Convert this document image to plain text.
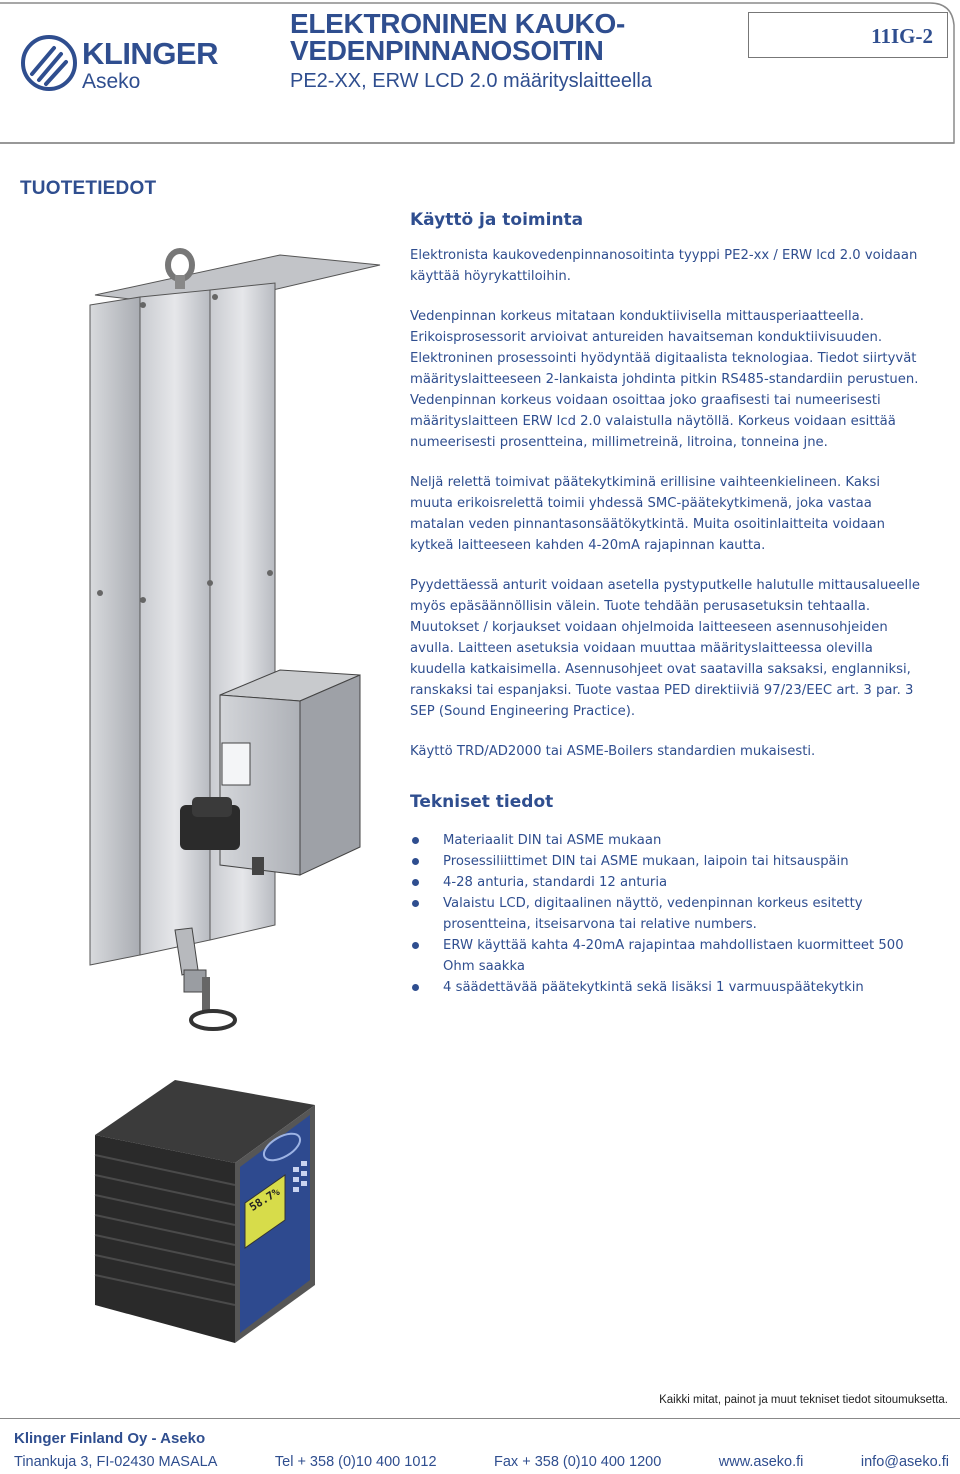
KLINGER
Aseko
ELEKTRONINEN KAUKO-
VEDENPINNANOSOITIN
PE2-XX, ERW LCD 2.0 määrityslaitteella
11IG-2
TUOTETIEDOT
58.7%
Käyttö ja toiminta

Elektronista kaukovedenpinnanosoitinta tyyppi PE2-xx / ERW lcd 2.0 voidaan käyttää höyrykattiloihin.

Vedenpinnan korkeus mitataan konduktiivisella mittausperiaatteella. Erikoisprosessorit arvioivat antureiden havaitseman konduktiivisuuden. Elektroninen prosessointi hyödyntää digitaalista teknologiaa. Tiedot siirtyvät määrityslaitteeseen 2-lankaista johdinta pitkin RS485-standardiin perustuen. Vedenpinnan korkeus voidaan osoittaa joko graafisesti tai numeerisesti määrityslaitteen ERW lcd 2.0 valaistulla näytöllä. Korkeus voidaan esittää numeerisesti prosentteina, millimetreinä, litroina, tonneina jne.

Neljä relettä toimivat päätekytkiminä erillisine vaihteenkielineen. Kaksi muuta erikoisrelettä toimii yhdessä SMC-päätekytkimenä, joka vastaa matalan veden pinnantasonsäätökytkintä. Muita osoitinlaitteita voidaan kytkeä laitteeseen kahden 4-20mA rajapinnan kautta.

Pyydettäessä anturit voidaan asetella pystyputkelle halutulle mittausalueelle myös epäsäännöllisin välein. Tuote tehdään perusasetuksin tehtaalla. Muutokset / korjaukset voidaan ohjelmoida laitteeseen asennusohjeiden avulla. Laitteen asetuksia voidaan muuttaa määrityslaitteessa olevilla kuudella katkaisimella. Asennusohjeet ovat saatavilla saksaksi, englanniksi, ranskaksi tai espanjaksi. Tuote vastaa PED direktiiviä 97/23/EEC art. 3 par. 3 SEP (Sound Engineering Practice).

Käyttö TRD/AD2000 tai ASME-Boilers standardien mukaisesti.

Tekniset tiedot
Materiaalit DIN tai ASME mukaan
Prosessiliittimet DIN tai ASME mukaan, laipoin tai hitsauspäin
4-28 anturia, standardi 12 anturia
Valaistu LCD, digitaalinen näyttö, vedenpinnan korkeus esitetty prosentteina, itseisarvona tai relative numbers.
ERW käyttää kahta 4-20mA rajapintaa mahdollistaen kuormitteet 500 Ohm saakka
4 säädettävää päätekytkintä sekä lisäksi 1 varmuuspäätekytkin
Kaikki mitat, painot ja muut tekniset tiedot sitoumuksetta.
Klinger Finland Oy - Aseko
Tinankuja 3, FI-02430 MASALA	Tel + 358 (0)10 400 1012	Fax + 358 (0)10 400 1200	www.aseko.fi	info@aseko.fi
